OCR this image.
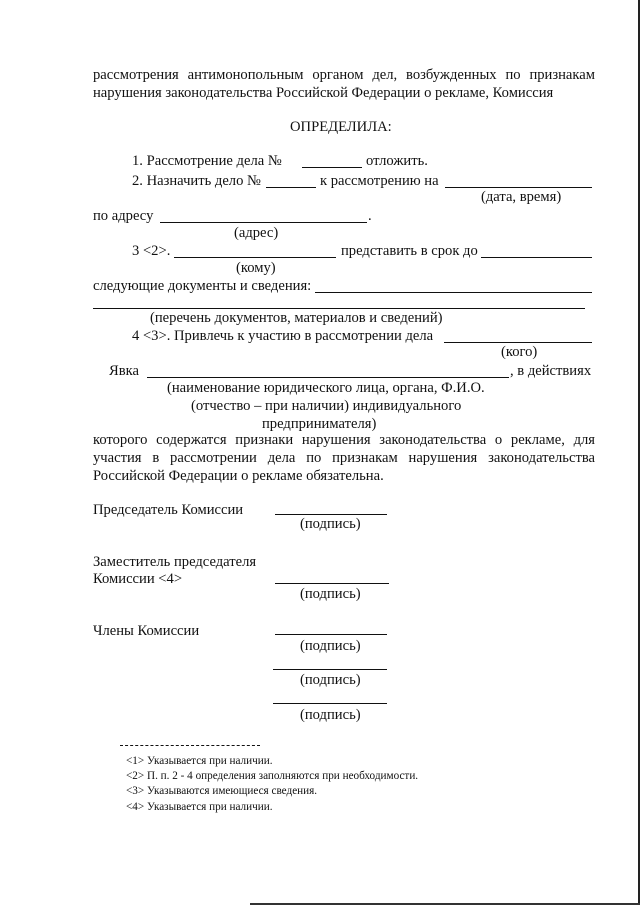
рассмотрения антимонопольным органом дел, возбужденных по признакам
нарушения законодательства Российской Федерации о рекламе, Комиссия
ОПРЕДЕЛИЛА:
1. Рассмотрение дела №	отложить.
2. Назначить дело №	к рассмотрению на
(дата, время)
по адресу	.
(адрес)
3 <2>.	представить в срок до
(кому)
следующие документы и сведения:
(перечень документов, материалов и сведений)
4 <3>. Привлечь к участию в рассмотрении дела
(кого)
Явка	, в действиях
(наименование юридического лица, органа, Ф.И.О.
(отчество – при наличии) индивидуального
предпринимателя)
которого содержатся признаки нарушения законодательства о рекламе, для
участия в рассмотрении дела по признакам нарушения законодательства
Российской Федерации о рекламе обязательна.
Председатель Комиссии
(подпись)
Заместитель председателя
Комиссии <4>
(подпись)
Члены Комиссии
(подпись)
(подпись)
(подпись)
<1> Указывается при наличии.
<2> П. п. 2 - 4 определения заполняются при необходимости.
<3> Указываются имеющиеся сведения.
<4> Указывается при наличии.
